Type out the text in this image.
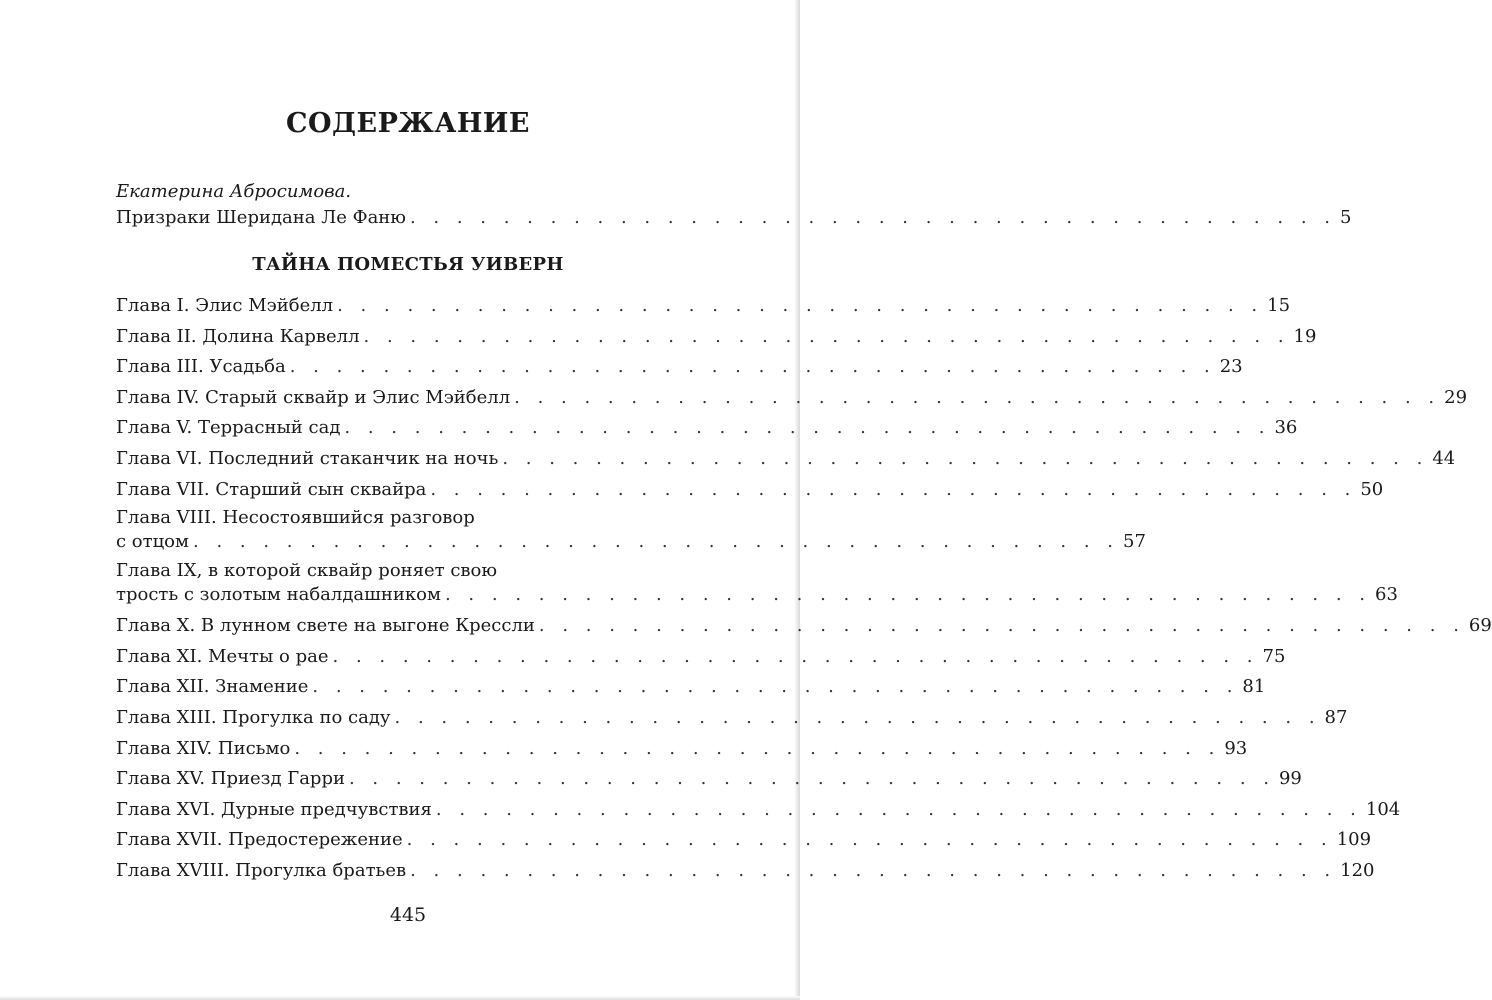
СОДЕРЖАНИЕ
Екатерина Абросимова.
Призраки Шеридана Ле Фаню . . . . . . . . . . . . . . . . . . . . . . . . . . . . . . . . . . . . . . . . 5
ТАЙНА ПОМЕСТЬЯ УИВЕРН
Глава I. Элис Мэйбелл . . . . . . . . . . . . . . . . . . . . . . . . . . . . . . . . . . . . . . . . 15
Глава II. Долина Карвелл . . . . . . . . . . . . . . . . . . . . . . . . . . . . . . . . . . . . . . . . 19
Глава III. Усадьба . . . . . . . . . . . . . . . . . . . . . . . . . . . . . . . . . . . . . . . . 23
Глава IV. Старый сквайр и Элис Мэйбелл . . . . . . . . . . . . . . . . . . . . . . . . . . . . . . . . . . . . . . . . 29
Глава V. Террасный сад . . . . . . . . . . . . . . . . . . . . . . . . . . . . . . . . . . . . . . . . 36
Глава VI. Последний стаканчик на ночь . . . . . . . . . . . . . . . . . . . . . . . . . . . . . . . . . . . . . . . . 44
Глава VII. Старший сын сквайра . . . . . . . . . . . . . . . . . . . . . . . . . . . . . . . . . . . . . . . . 50
Глава VIII. Несостоявшийся разговор
с отцом . . . . . . . . . . . . . . . . . . . . . . . . . . . . . . . . . . . . . . . . 57
Глава IX, в которой сквайр роняет свою
трость с золотым набалдашником . . . . . . . . . . . . . . . . . . . . . . . . . . . . . . . . . . . . . . . . 63
Глава X. В лунном свете на выгоне Крессли . . . . . . . . . . . . . . . . . . . . . . . . . . . . . . . . . . . . . . . . 69
Глава XI. Мечты о рае . . . . . . . . . . . . . . . . . . . . . . . . . . . . . . . . . . . . . . . . 75
Глава XII. Знамение . . . . . . . . . . . . . . . . . . . . . . . . . . . . . . . . . . . . . . . . 81
Глава XIII. Прогулка по саду . . . . . . . . . . . . . . . . . . . . . . . . . . . . . . . . . . . . . . . . 87
Глава XIV. Письмо . . . . . . . . . . . . . . . . . . . . . . . . . . . . . . . . . . . . . . . . 93
Глава XV. Приезд Гарри . . . . . . . . . . . . . . . . . . . . . . . . . . . . . . . . . . . . . . . . 99
Глава XVI. Дурные предчувствия . . . . . . . . . . . . . . . . . . . . . . . . . . . . . . . . . . . . . . . . 104
Глава XVII. Предостережение . . . . . . . . . . . . . . . . . . . . . . . . . . . . . . . . . . . . . . . . 109
Глава XVIII. Прогулка братьев . . . . . . . . . . . . . . . . . . . . . . . . . . . . . . . . . . . . . . . . 120
445
